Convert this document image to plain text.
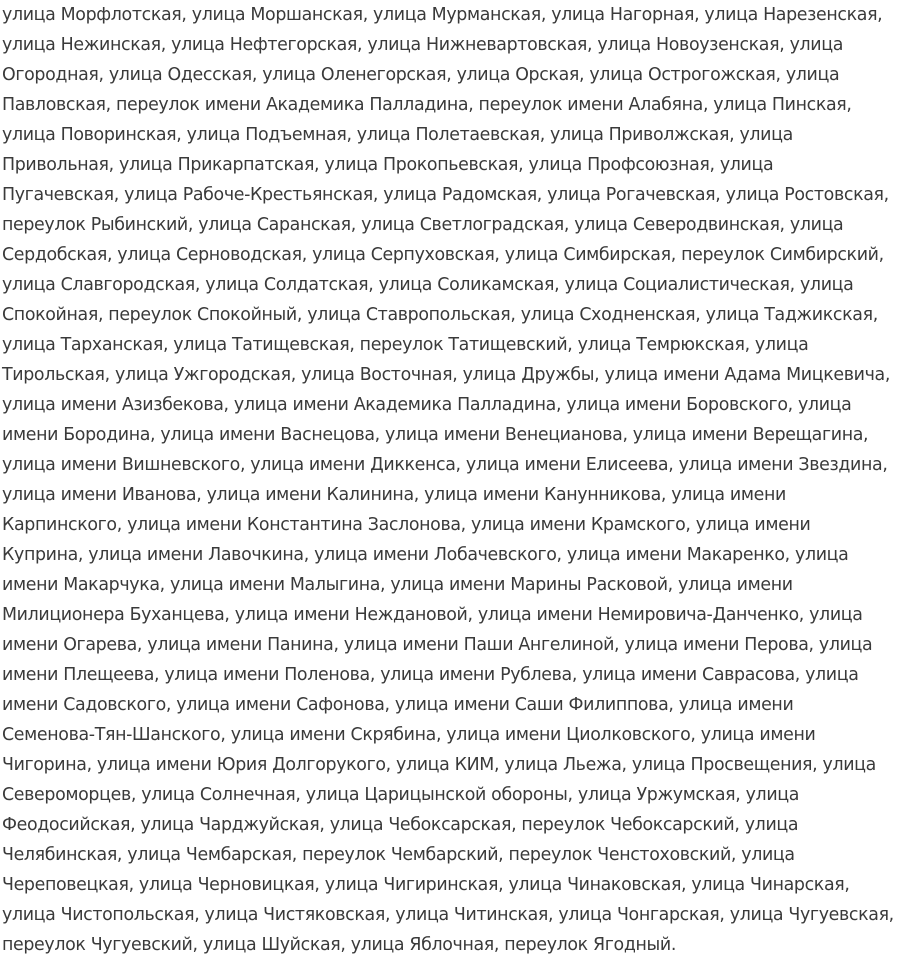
улица Морфлотская, улица Моршанская, улица Мурманская, улица Нагорная, улица Нарезенская,
улица Нежинская, улица Нефтегорская, улица Нижневартовская, улица Новоузенская, улица
Огородная, улица Одесская, улица Оленегорская, улица Орская, улица Острогожская, улица
Павловская, переулок имени Академика Палладина, переулок имени Алабяна, улица Пинская,
улица Поворинская, улица Подъемная, улица Полетаевская, улица Приволжская, улица
Привольная, улица Прикарпатская, улица Прокопьевская, улица Профсоюзная, улица
Пугачевская, улица Рабоче-Крестьянская, улица Радомская, улица Рогачевская, улица Ростовская,
переулок Рыбинский, улица Саранская, улица Светлоградская, улица Северодвинская, улица
Сердобская, улица Серноводская, улица Серпуховская, улица Симбирская, переулок Симбирский,
улица Славгородская, улица Солдатская, улица Соликамская, улица Социалистическая, улица
Спокойная, переулок Спокойный, улица Ставропольская, улица Сходненская, улица Таджикская,
улица Тарханская, улица Татищевская, переулок Татищевский, улица Темрюкская, улица
Тирольская, улица Ужгородская, улица Восточная, улица Дружбы, улица имени Адама Мицкевича,
улица имени Азизбекова, улица имени Академика Палладина, улица имени Боровского, улица
имени Бородина, улица имени Васнецова, улица имени Венецианова, улица имени Верещагина,
улица имени Вишневского, улица имени Диккенса, улица имени Елисеева, улица имени Звездина,
улица имени Иванова, улица имени Калинина, улица имени Канунникова, улица имени
Карпинского, улица имени Константина Заслонова, улица имени Крамского, улица имени
Куприна, улица имени Лавочкина, улица имени Лобачевского, улица имени Макаренко, улица
имени Макарчука, улица имени Малыгина, улица имени Марины Расковой, улица имени
Милиционера Буханцева, улица имени Неждановой, улица имени Немировича-Данченко, улица
имени Огарева, улица имени Панина, улица имени Паши Ангелиной, улица имени Перова, улица
имени Плещеева, улица имени Поленова, улица имени Рублева, улица имени Саврасова, улица
имени Садовского, улица имени Сафонова, улица имени Саши Филиппова, улица имени
Семенова-Тян-Шанского, улица имени Скрябина, улица имени Циолковского, улица имени
Чигорина, улица имени Юрия Долгорукого, улица КИМ, улица Льежа, улица Просвещения, улица
Североморцев, улица Солнечная, улица Царицынской обороны, улица Уржумская, улица
Феодосийская, улица Чарджуйская, улица Чебоксарская, переулок Чебоксарский, улица
Челябинская, улица Чембарская, переулок Чембарский, переулок Ченстоховский, улица
Череповецкая, улица Черновицкая, улица Чигиринская, улица Чинаковская, улица Чинарская,
улица Чистопольская, улица Чистяковская, улица Читинская, улица Чонгарская, улица Чугуевская,
переулок Чугуевский, улица Шуйская, улица Яблочная, переулок Ягодный.
